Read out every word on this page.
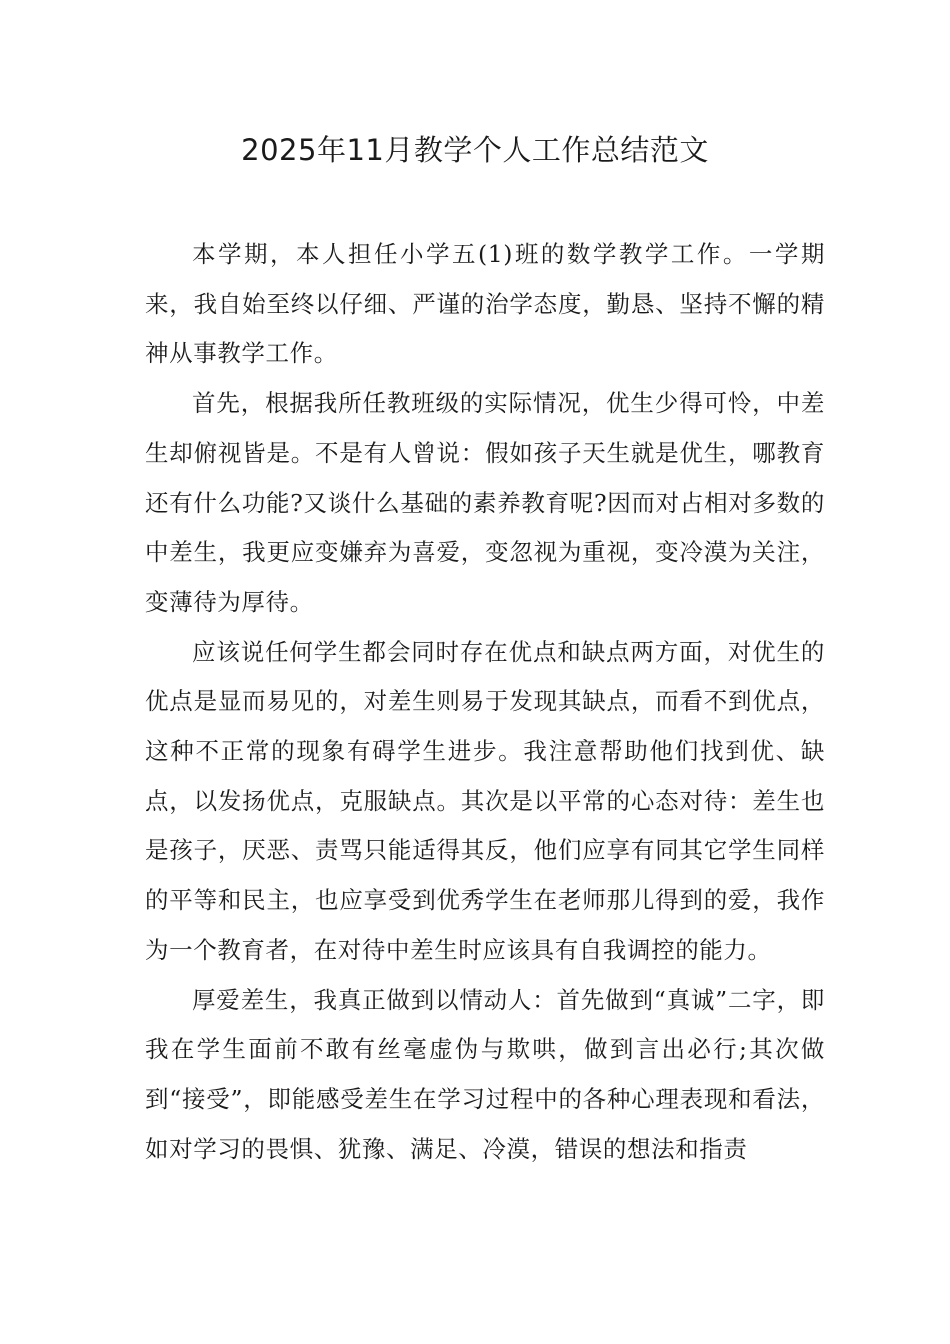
2025年11月教学个人工作总结范文

本学期，本人担任小学五(1)班的数学教学工作。一学期来，我自始至终以仔细、严谨的治学态度，勤恳、坚持不懈的精神从事教学工作。

首先，根据我所任教班级的实际情况，优生少得可怜，中差生却俯视皆是。不是有人曾说：假如孩子天生就是优生，哪教育还有什么功能?又谈什么基础的素养教育呢?因而对占相对多数的中差生，我更应变嫌弃为喜爱，变忽视为重视，变冷漠为关注，变薄待为厚待。

应该说任何学生都会同时存在优点和缺点两方面，对优生的优点是显而易见的，对差生则易于发现其缺点，而看不到优点，这种不正常的现象有碍学生进步。我注意帮助他们找到优、缺点，以发扬优点，克服缺点。其次是以平常的心态对待：差生也是孩子，厌恶、责骂只能适得其反，他们应享有同其它学生同样的平等和民主，也应享受到优秀学生在老师那儿得到的爱，我作为一个教育者，在对待中差生时应该具有自我调控的能力。

厚爱差生，我真正做到以情动人：首先做到“真诚”二字，即我在学生面前不敢有丝毫虚伪与欺哄，做到言出必行;其次做到“接受”，即能感受差生在学习过程中的各种心理表现和看法，如对学习的畏惧、犹豫、满足、冷漠，错误的想法和指责
